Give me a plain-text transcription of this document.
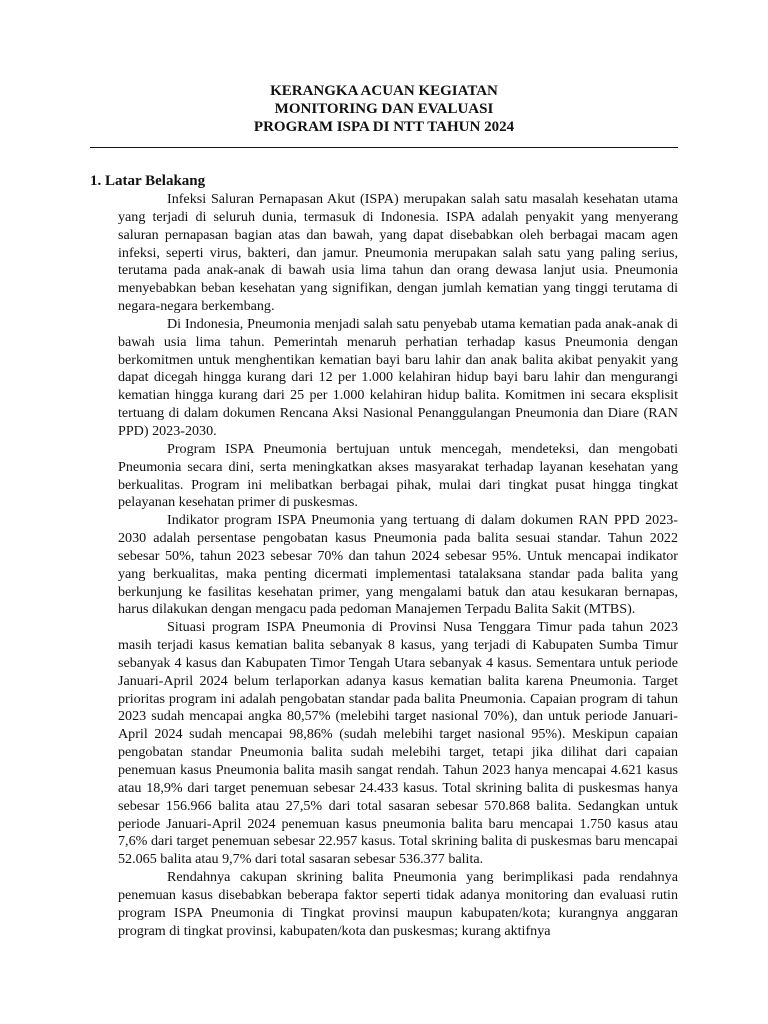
KERANGKA ACUAN KEGIATAN
MONITORING DAN EVALUASI
PROGRAM ISPA DI NTT TAHUN 2024

1. Latar Belakang

Infeksi Saluran Pernapasan Akut (ISPA) merupakan salah satu masalah kesehatan utama yang terjadi di seluruh dunia, termasuk di Indonesia. ISPA adalah penyakit yang menyerang saluran pernapasan bagian atas dan bawah, yang dapat disebabkan oleh berbagai macam agen infeksi, seperti virus, bakteri, dan jamur. Pneumonia merupakan salah satu yang paling serius, terutama pada anak-anak di bawah usia lima tahun dan orang dewasa lanjut usia. Pneumonia menyebabkan beban kesehatan yang signifikan, dengan jumlah kematian yang tinggi terutama di negara-negara berkembang.

Di Indonesia, Pneumonia menjadi salah satu penyebab utama kematian pada anak-anak di bawah usia lima tahun. Pemerintah menaruh perhatian terhadap kasus Pneumonia dengan berkomitmen untuk menghentikan kematian bayi baru lahir dan anak balita akibat penyakit yang dapat dicegah hingga kurang dari 12 per 1.000 kelahiran hidup bayi baru lahir dan mengurangi kematian hingga kurang dari 25 per 1.000 kelahiran hidup balita. Komitmen ini secara eksplisit tertuang di dalam dokumen Rencana Aksi Nasional Penanggulangan Pneumonia dan Diare (RAN PPD) 2023-2030.

Program ISPA Pneumonia bertujuan untuk mencegah, mendeteksi, dan mengobati Pneumonia secara dini, serta meningkatkan akses masyarakat terhadap layanan kesehatan yang berkualitas. Program ini melibatkan berbagai pihak, mulai dari tingkat pusat hingga tingkat pelayanan kesehatan primer di puskesmas.

Indikator program ISPA Pneumonia yang tertuang di dalam dokumen RAN PPD 2023-2030 adalah persentase pengobatan kasus Pneumonia pada balita sesuai standar. Tahun 2022 sebesar 50%, tahun 2023 sebesar 70% dan tahun 2024 sebesar 95%. Untuk mencapai indikator yang berkualitas, maka penting dicermati implementasi tatalaksana standar pada balita yang berkunjung ke fasilitas kesehatan primer, yang mengalami batuk dan atau kesukaran bernapas, harus dilakukan dengan mengacu pada pedoman Manajemen Terpadu Balita Sakit (MTBS).

Situasi program ISPA Pneumonia di Provinsi Nusa Tenggara Timur pada tahun 2023 masih terjadi kasus kematian balita sebanyak 8 kasus, yang terjadi di Kabupaten Sumba Timur sebanyak 4 kasus dan Kabupaten Timor Tengah Utara sebanyak 4 kasus. Sementara untuk periode Januari-April 2024 belum terlaporkan adanya kasus kematian balita karena Pneumonia. Target prioritas program ini adalah pengobatan standar pada balita Pneumonia. Capaian program di tahun 2023 sudah mencapai angka 80,57% (melebihi target nasional 70%), dan untuk periode Januari-April 2024 sudah mencapai 98,86% (sudah melebihi target nasional 95%). Meskipun capaian pengobatan standar Pneumonia balita sudah melebihi target, tetapi jika dilihat dari capaian penemuan kasus Pneumonia balita masih sangat rendah. Tahun 2023 hanya mencapai 4.621 kasus atau 18,9% dari target penemuan sebesar 24.433 kasus. Total skrining balita di puskesmas hanya sebesar 156.966 balita atau 27,5% dari total sasaran sebesar 570.868 balita. Sedangkan untuk periode Januari-April 2024 penemuan kasus pneumonia balita baru mencapai 1.750 kasus atau 7,6% dari target penemuan sebesar 22.957 kasus. Total skrining balita di puskesmas baru mencapai 52.065 balita atau 9,7% dari total sasaran sebesar 536.377 balita.

Rendahnya cakupan skrining balita Pneumonia yang berimplikasi pada rendahnya penemuan kasus disebabkan beberapa faktor seperti tidak adanya monitoring dan evaluasi rutin program ISPA Pneumonia di Tingkat provinsi maupun kabupaten/kota; kurangnya anggaran program di tingkat provinsi, kabupaten/kota dan puskesmas; kurang aktifnya
